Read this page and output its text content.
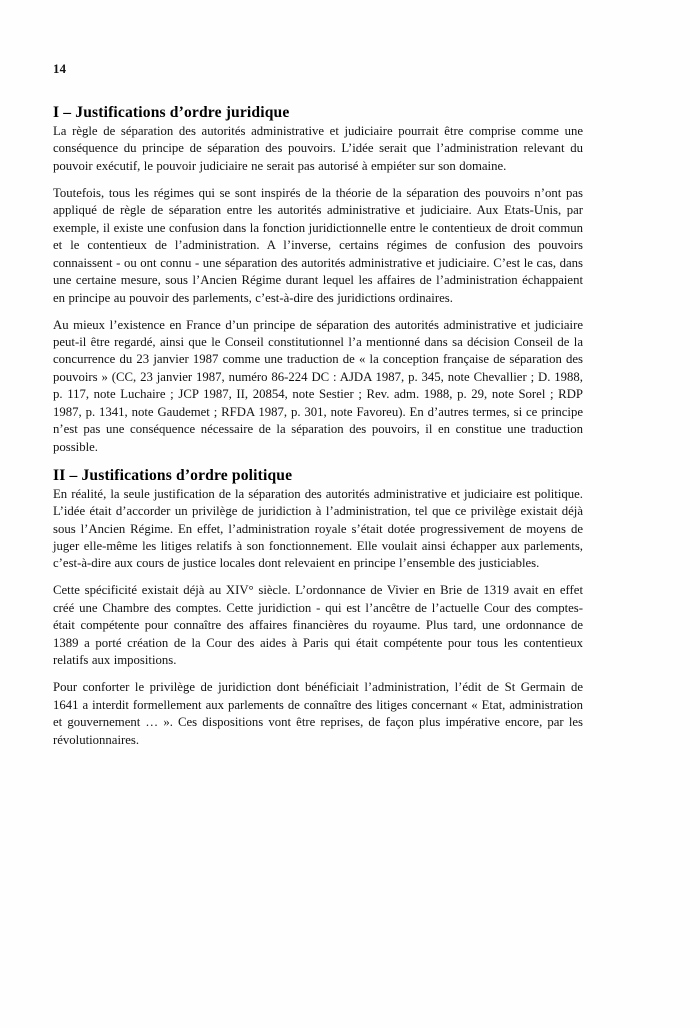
14
I – Justifications d’ordre juridique

La règle de séparation des autorités administrative et judiciaire pourrait être comprise comme une conséquence du principe de séparation des pouvoirs. L’idée serait que l’administration relevant du pouvoir exécutif, le pouvoir judiciaire ne serait pas autorisé à empiéter sur son domaine.

Toutefois, tous les régimes qui se sont inspirés de la théorie de la séparation des pouvoirs n’ont pas appliqué de règle de séparation entre les autorités administrative et judiciaire. Aux Etats-Unis, par exemple, il existe une confusion dans la fonction juridictionnelle entre le contentieux de droit commun et le contentieux de l’administration. A l’inverse, certains régimes de confusion des pouvoirs connaissent - ou ont connu - une séparation des autorités administrative et judiciaire. C’est le cas, dans une certaine mesure, sous l’Ancien Régime durant lequel les affaires de l’administration échappaient en principe au pouvoir des parlements, c’est-à-dire des juridictions ordinaires.

Au mieux l’existence en France d’un principe de séparation des autorités administrative et judiciaire peut-il être regardé, ainsi que le Conseil constitutionnel l’a mentionné dans sa décision Conseil de la concurrence du 23 janvier 1987 comme une traduction de « la conception française de séparation des pouvoirs » (CC, 23 janvier 1987, numéro 86-224 DC : AJDA 1987, p. 345, note Chevallier ; D. 1988, p. 117, note Luchaire ; JCP 1987, II, 20854, note Sestier ; Rev. adm. 1988, p. 29, note Sorel ; RDP 1987, p. 1341, note Gaudemet ; RFDA 1987, p. 301, note Favoreu). En d’autres termes, si ce principe n’est pas une conséquence nécessaire de la séparation des pouvoirs, il en constitue une traduction possible.

II – Justifications d’ordre politique

En réalité, la seule justification de la séparation des autorités administrative et judiciaire est politique. L’idée était d’accorder un privilège de juridiction à l’administration, tel que ce privilège existait déjà sous l’Ancien Régime. En effet, l’administration royale s’était dotée progressivement de moyens de juger elle-même les litiges relatifs à son fonctionnement. Elle voulait ainsi échapper aux parlements, c’est-à-dire aux cours de justice locales dont relevaient en principe l’ensemble des justiciables.

Cette spécificité existait déjà au XIV° siècle. L’ordonnance de Vivier en Brie de 1319 avait en effet créé une Chambre des comptes. Cette juridiction - qui est l’ancêtre de l’actuelle Cour des comptes- était compétente pour connaître des affaires financières du royaume. Plus tard, une ordonnance de 1389 a porté création de la Cour des aides à Paris qui était compétente pour tous les contentieux relatifs aux impositions.

Pour conforter le privilège de juridiction dont bénéficiait l’administration, l’édit de St Germain de 1641 a interdit formellement aux parlements de connaître des litiges concernant « Etat, administration et gouvernement … ». Ces dispositions vont être reprises, de façon plus impérative encore, par les révolutionnaires.
